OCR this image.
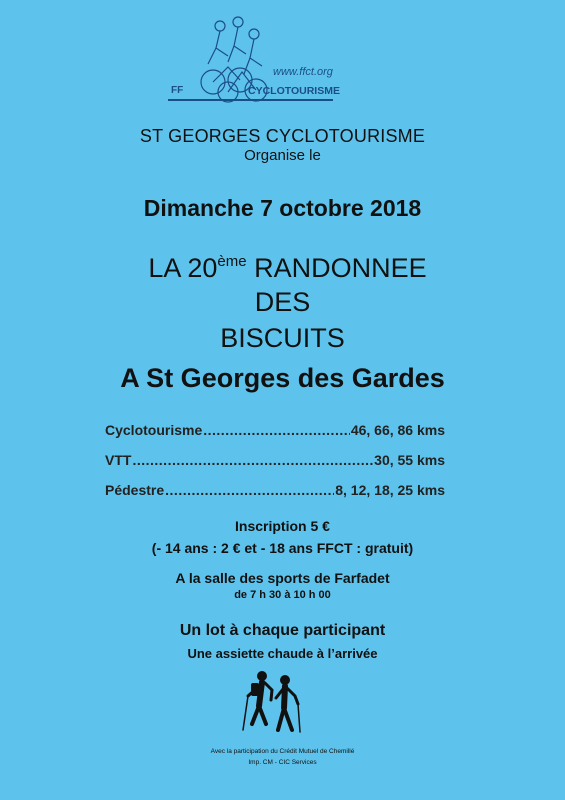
www.ffct.org
FF	CYCLOTOURISME
ST GEORGES CYCLOTOURISME
Organise le
Dimanche 7 octobre 2018
LA 20ème RANDONNEE
DES
BISCUITS
A St Georges des Gardes
Cyclotourisme .....	46, 66, 86 kms
VTT .....	30, 55 kms
Pédestre .....	8, 12, 18, 25 kms
Inscription 5 €
(- 14 ans : 2 € et - 18 ans FFCT : gratuit)
A la salle des sports de Farfadet
de 7 h 30 à 10 h 00
Un lot à chaque participant
Une assiette chaude à l’arrivée
Avec la participation du Crédit Mutuel de Chemillé
Imp. CM - CIC Services
